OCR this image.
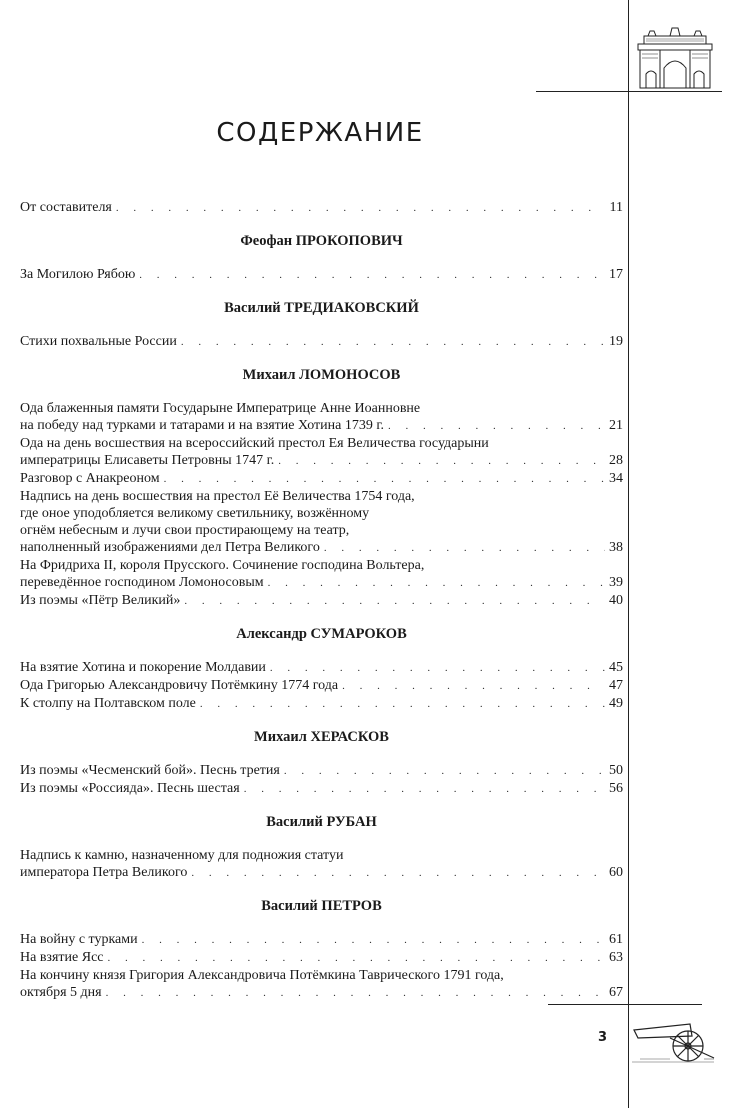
СОДЕРЖАНИЕ
От составителя . . .	11
Феофан ПРОКОПОВИЧ
За Могилою Рябою . . .	17
Василий ТРЕДИАКОВСКИЙ
Стихи похвальные России . . .	19
Михаил ЛОМОНОСОВ
Ода блаженныя памяти Государыне Императрице Анне Иоанновне
на победу над турками и татарами и на взятие Хотина 1739 г. . . .	21
Ода на день восшествия на всероссийский престол Ея Величества государыни
императрицы Елисаветы Петровны 1747 г. . . .	28
Разговор с Анакреоном . . .	34
Надпись на день восшествия на престол Её Величества 1754 года,
где оное уподобляется великому светильнику, возжённому
огнём небесным и лучи свои простирающему на театр,
наполненный изображениями дел Петра Великого . . .	38
На Фридриха II, короля Прусского. Сочинение господина Вольтера,
переведённое господином Ломоносовым . . .	39
Из поэмы «Пётр Великий» . . .	40
Александр СУМАРОКОВ
На взятие Хотина и покорение Молдавии . . .	45
Ода Григорью Александровичу Потёмкину 1774 года . . .	47
К столпу на Полтавском поле . . .	49
Михаил ХЕРАСКОВ
Из поэмы «Чесменский бой». Песнь третия . . .	50
Из поэмы «Россияда». Песнь шестая . . .	56
Василий РУБАН
Надпись к камню, назначенному для подножия статуи
императора Петра Великого . . .	60
Василий ПЕТРОВ
На войну с турками . . .	61
На взятие Ясс . . .	63
На кончину князя Григория Александровича Потёмкина Таврического 1791 года,
октября 5 дня . . .	67
3
